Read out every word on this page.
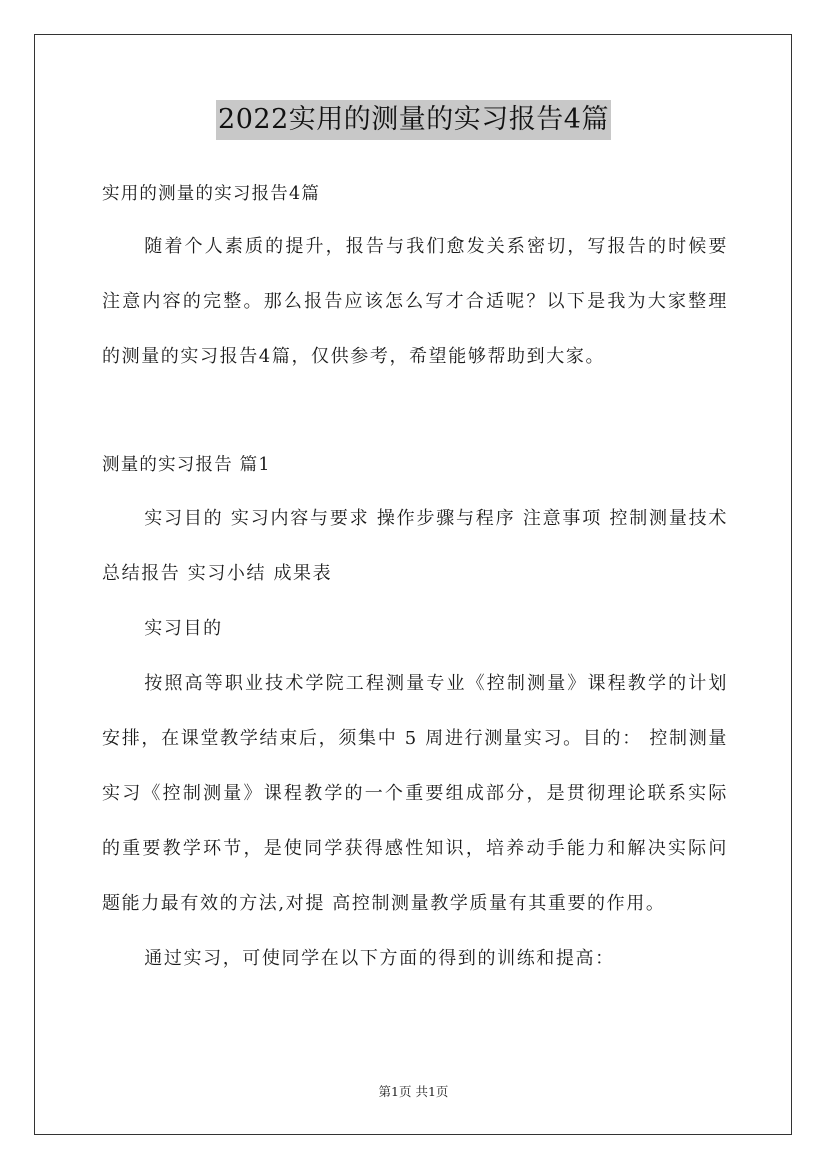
2022实用的测量的实习报告4篇
实用的测量的实习报告4篇

随着个人素质的提升，报告与我们愈发关系密切，写报告的时候要注意内容的完整。那么报告应该怎么写才合适呢？以下是我为大家整理的测量的实习报告4篇，仅供参考，希望能够帮助到大家。

测量的实习报告 篇1

实习目的 实习内容与要求 操作步骤与程序 注意事项 控制测量技术总结报告 实习小结 成果表

实习目的

按照高等职业技术学院工程测量专业《控制测量》课程教学的计划安排，在课堂教学结束后，须集中 5 周进行测量实习。目的： 控制测量实习《控制测量》课程教学的一个重要组成部分，是贯彻理论联系实际的重要教学环节，是使同学获得感性知识，培养动手能力和解决实际问题能力最有效的方法,对提 高控制测量教学质量有其重要的作用。

通过实习，可使同学在以下方面的得到的训练和提高：

第1页 共1页
